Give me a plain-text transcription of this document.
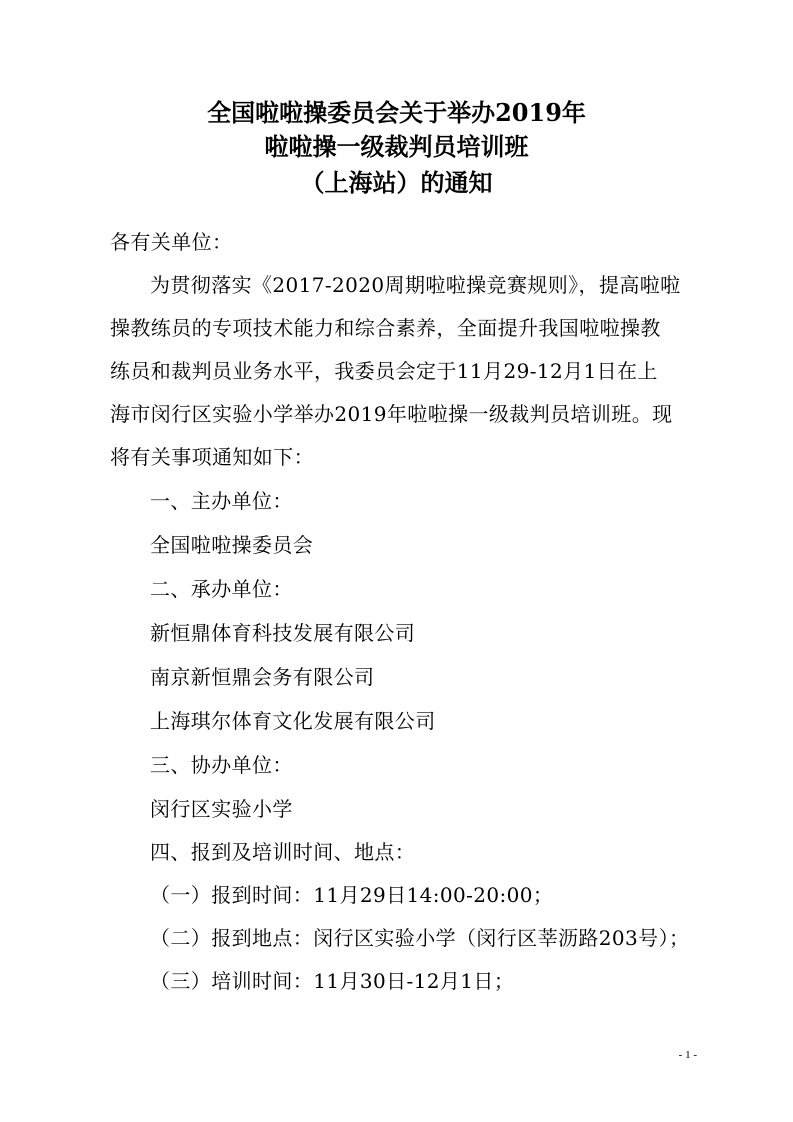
全国啦啦操委员会关于举办2019年
啦啦操一级裁判员培训班
（上海站）的通知
各有关单位：
为贯彻落实《2017-2020周期啦啦操竞赛规则》，提高啦啦
操教练员的专项技术能力和综合素养，全面提升我国啦啦操教
练员和裁判员业务水平，我委员会定于11月29-12月1日在上
海市闵行区实验小学举办2019年啦啦操一级裁判员培训班。现
将有关事项通知如下：
一、主办单位：
全国啦啦操委员会
二、承办单位：
新恒鼎体育科技发展有限公司
南京新恒鼎会务有限公司
上海琪尔体育文化发展有限公司
三、协办单位：
闵行区实验小学
四、报到及培训时间、地点：
（一）报到时间：11月29日14:00-20:00；
（二）报到地点：闵行区实验小学（闵行区莘沥路203号）；
（三）培训时间：11月30日-12月1日；
- 1 -
